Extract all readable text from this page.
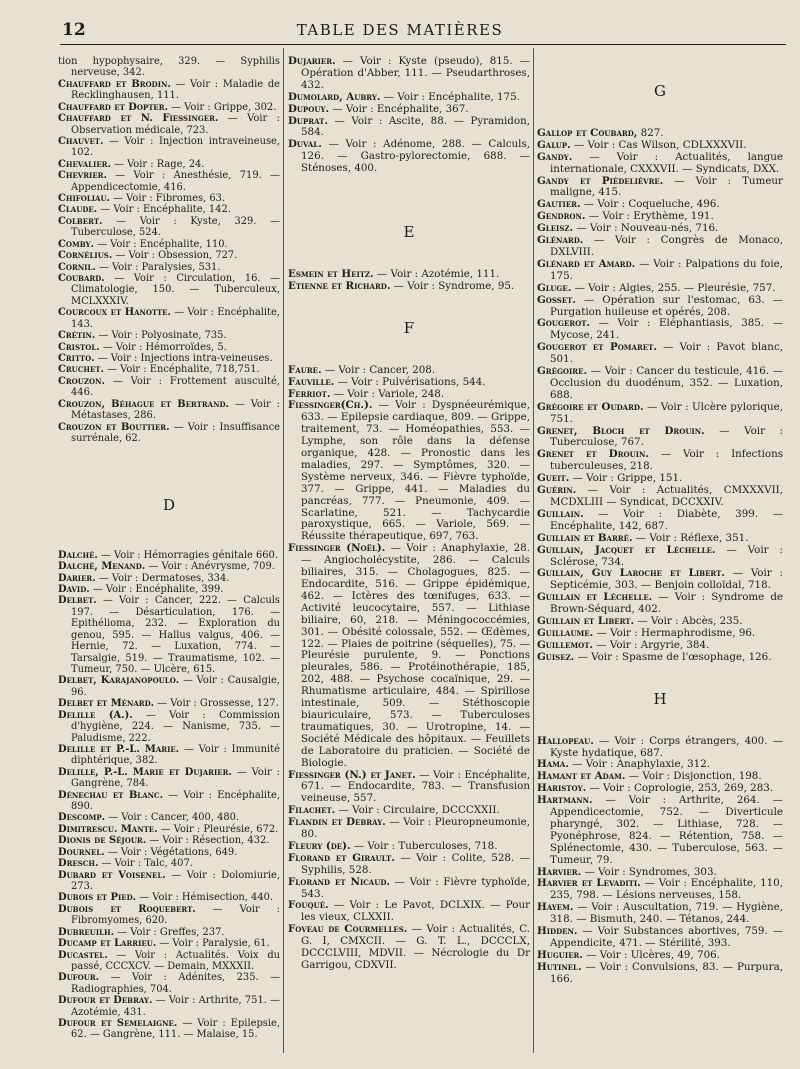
12	TABLE DES MATIÈRES

tion hypophysaire, 329. — Syphilis nerveuse, 342.

Chauffard et Brodin. — Voir : Maladie de Recklinghausen, 111.

Chauffard et Dopter. — Voir : Grippe, 302.

Chauffard et N. Fiessinger. — Voir : Observation médicale, 723.

Chauvet. — Voir : Injection intraveineuse, 102.

Chevalier. — Voir : Rage, 24.

Chevrier. — Voir : Anesthésie, 719. — Appendicectomie, 416.

Chifoliau. — Voir : Fibromes, 63.

Claude. — Voir : Encéphalite, 142.

Colbert. — Voir : Kyste, 329. — Tuberculose, 524.

Comby. — Voir : Encéphalite, 110.

Cornélius. — Voir : Obsession, 727.

Cornil. — Voir : Paralysies, 531.

Coubard. — Voir : Circulation, 16. — Climatologie, 150. — Tuberculeux, MCLXXXIV.

Courcoux et Hanotte. — Voir : Encéphalite, 143.

Crétin. — Voir : Polyosinate, 735.

Cristol. — Voir : Hémorroïdes, 5.

Critto. — Voir : Injections intra-veineuses.

Cruchet. — Voir : Encéphalite, 718,751.

Crouzon. — Voir : Frottement ausculté, 446.

Crouzon, Béhague et Bertrand. — Voir : Métastases, 286.

Crouzon et Bouttier. — Voir : Insuffisance surrénale, 62.

D

Dalché. — Voir : Hémorragies génitale 660.

Dalché, Menand. — Voir : Anévrysme, 709.

Darier. — Voir : Dermatoses, 334.

David. — Voir : Encéphalite, 399.

Delbet. — Voir : Cancer, 222. — Calculs 197. — Désarticulation, 176. — Epithélioma, 232. — Exploration du genou, 595. — Hallus valgus, 406. — Hernie, 72. — Luxation, 774. — Tarsalgie, 519. — Traumatisme, 102. — Tumeur, 750. — Ulcère, 615.

Delbet, Karajanopoulo. — Voir : Causalgie, 96.

Delbet et Ménard. — Voir : Grossesse, 127.

Delille (A.). — Voir : Commission d'hygiène, 224. — Nanisme, 735. — Paludisme, 222.

Delille et P.-L. Marie. — Voir : Immunité diphtérique, 382.

Delille, P.-L. Marie et Dujarier. — Voir : Gangrène, 784.

Dénechau et Blanc. — Voir : Encéphalite, 890.

Descomp. — Voir : Cancer, 400, 480.

Dimitrescu. Mante. — Voir : Pleurésie, 672.

Dionis de Séjour. — Voir : Résection, 432.

Dournel. — Voir : Végétations, 649.

Dresch. — Voir : Talc, 407.

Dubard et Voisenel. — Voir : Dolomiurie, 273.

Dubois et Pied. — Voir : Hémisection, 440.

Dubois et Roquebert. — Voir : Fibromyomes, 620.

Dubreuilh. — Voir : Greffes, 237.

Ducamp et Larrieu. — Voir : Paralysie, 61.

Ducastel. — Voir : Actualités. Voix du passé, CCCXCV. — Demain, MXXXII.

Dufour. — Voir : Adénites, 235. — Radiographies, 704.

Dufour et Debray. — Voir : Arthrite, 751. — Azotémie, 431.

Dufour et Semelaigne. — Voir : Epilepsie, 62. — Gangrène, 111. — Malaise, 15.

Dujarier. — Voir : Kyste (pseudo), 815. — Opération d'Abber, 111. — Pseudarthroses, 432.

Dumolard, Aubry. — Voir : Encéphalite, 175.

Dupouy. — Voir : Encéphalite, 367.

Duprat. — Voir : Ascite, 88. — Pyramidon, 584.

Duval. — Voir : Adénome, 288. — Calculs, 126. — Gastro-pylorectomie, 688. — Sténoses, 400.

E

Esmein et Heitz. — Voir : Azotémie, 111.

Etienne et Richard. — Voir : Syndrome, 95.

F

Faure. — Voir : Cancer, 208.

Fauville. — Voir : Pulvérisations, 544.

Ferriot. — Voir : Variole, 248.

Fiessinger(Ch.). — Voir : Dyspnéeurémique, 633. — Epilepsie cardiaque, 809. — Grippe, traitement, 73. — Homéopathies, 553. — Lymphe, son rôle dans la défense organique, 428. — Pronostic dans les maladies, 297. — Symptômes, 320. — Système nerveux, 346. — Fièvre typhoïde, 377. — Grippe, 441. — Maladies du pancréas, 777. — Pneumonie, 409. — Scarlatine, 521. — Tachycardie paroxystique, 665. — Variole, 569. — Réussite thérapeutique, 697, 763.

Fiessinger (Noël). — Voir : Anaphylaxie, 28. — Angiocholécystite, 286. — Calculs biliaires, 315. — Cholagogues, 825. — Endocardite, 516. — Grippe épidémique, 462. — Ictères des tœnifuges, 633. — Activité leucocytaire, 557. — Lithiase biliaire, 60, 218. — Méningococcémies, 301. — Obésité colossale, 552. — Œdèmes, 122. — Plaies de poitrine (séquelles), 75. — Pleurésie purulente, 9. — Ponctions pleurales, 586. — Protéinothérapie, 185, 202, 488. — Psychose cocaïnique, 29. — Rhumatisme articulaire, 484. — Spirillose intestinale, 509. — Stéthoscopie biauriculaire, 573. — Tuberculoses traumatiques, 30. — Urotropine, 14. — Société Médicale des hôpitaux. — Feuillets de Laboratoire du praticien. — Société de Biologie.

Fiessinger (N.) et Janet. — Voir : Encéphalite, 671. — Endocardite, 783. — Transfusion veineuse, 557.

Filachet. — Voir : Circulaire, DCCCXXII.

Flandin et Debray. — Voir : Pleuropneumonie, 80.

Fleury (de). — Voir : Tuberculoses, 718.

Florand et Girault. — Voir : Colite, 528. — Syphilis, 528.

Florand et Nicaud. — Voir : Fièvre typhoïde, 543.

Fouqué. — Voir : Le Pavot, DCLXIX. — Pour les vieux, CLXXII.

Foveau de Courmelles. — Voir : Actualités, C. G. I, CMXCII. — G. T. L., DCCCLX, DCCCLVIII, MDVII. — Nécrologie du Dr Garrigou, CDXVII.

G

Gallop et Coubard, 827.

Galup. — Voir : Cas Wilson, CDLXXXVII.

Gandy. — Voir : Actualités, langue internationale, CXXXVII. — Syndicats, DXX.

Gandy et Piédelièvre. — Voir : Tumeur maligne, 415.

Gautier. — Voir : Coqueluche, 496.

Gendron. — Voir : Erythème, 191.

Gleisz. — Voir : Nouveau-nés, 716.

Glénard. — Voir : Congrès de Monaco, DXLVIII.

Glénard et Amard. — Voir : Palpations du foie, 175.

Gluge. — Voir : Algies, 255. — Pleurésie, 757.

Gosset. — Opération sur l'estomac, 63. — Purgation huileuse et opérés, 208.

Gougerot. — Voir : Eléphantiasis, 385. — Mycose, 241.

Gougerot et Pomaret. — Voir : Pavot blanc, 501.

Grégoire. — Voir : Cancer du testicule, 416. — Occlusion du duodénum, 352. — Luxation, 688.

Grégoire et Oudard. — Voir : Ulcère pylorique, 751.

Grenet, Bloch et Drouin. — Voir : Tuberculose, 767.

Grenet et Drouin. — Voir : Infections tuberculeuses, 218.

Gueit. — Voir : Grippe, 151.

Guérin. — Voir : Actualités, CMXXXVII, MCDXLIII — Syndicat, DCCXXIV.

Guillain. — Voir : Diabète, 399. — Encéphalite, 142, 687.

Guillain et Barré. — Voir : Réflexe, 351.

Guillain, Jacquet et Léchelle. — Voir : Sclérose, 734.

Guillain, Guy Laroche et Libert. — Voir : Septicémie, 303. — Benjoin colloïdal, 718.

Guillain et Léchelle. — Voir : Syndrome de Brown-Séquard, 402.

Guillain et Libert. — Voir : Abcès, 235.

Guillaume. — Voir : Hermaphrodisme, 96.

Guillemot. — Voir : Argyrie, 384.

Guisez. — Voir : Spasme de l'œsophage, 126.

H

Hallopeau. — Voir : Corps étrangers, 400. — Kyste hydatique, 687.

Hama. — Voir : Anaphylaxie, 312.

Hamant et Adam. — Voir : Disjonction, 198.

Haristoy. — Voir : Coprologie, 253, 269, 283.

Hartmann. — Voir : Arthrite, 264. — Appendicectomie, 752. — Diverticule pharyngé, 302. — Lithiase, 728. — Pyonéphrose, 824. — Rétention, 758. — Splénectomie, 430. — Tuberculose, 563. — Tumeur, 79.

Harvier. — Voir : Syndromes, 303.

Harvier et Levaditi. — Voir : Encéphalite, 110, 235, 798. — Lésions nerveuses, 158.

Hayem. — Voir : Auscultation, 719. — Hygiène, 318. — Bismuth, 240. — Tétanos, 244.

Hidden. — Voir Substances abortives, 759. — Appendicite, 471. — Stérilité, 393.

Huguier. — Voir : Ulcères, 49, 706.

Hutinel. — Voir : Convulsions, 83. — Purpura, 166.
